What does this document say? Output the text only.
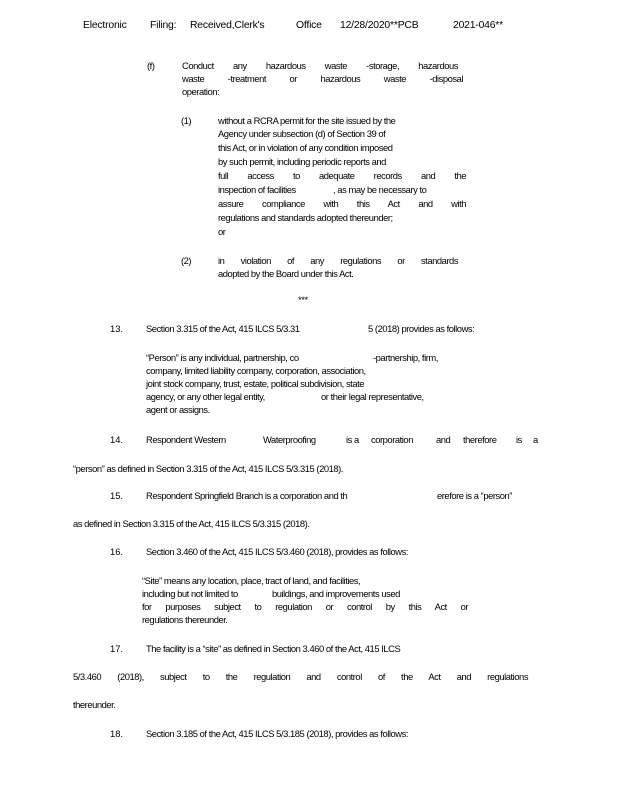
Electronic Filing: Received,Clerk's	Office 12/28/2020**PCB	2021-046**
(f)	Conduct any hazardous waste -storage, hazardous
waste	-treatment	or	hazardous	waste	-disposal
operation:
(1)	without a RCRA permit for the site issued by the
Agency under subsection (d) of Section 39 of
this Act, or in violation of any condition imposed
by such permit, including periodic reports and
full access to adequate records and the
inspection of facilities	, as may be necessary to
assure compliance with this Act and with
regulations and standards adopted thereunder;
or
(2)	in violation of any regulations or standards
adopted by the Board under this Act.
***
13. Section 3.315 of the Act, 415 ILCS 5/3.31	5 (2018) provides as follows:
“Person” is any individual, partnership, co	-partnership, firm,
company, limited liability company, corporation, association,
joint stock company, trust, estate, political subdivision, state
agency, or any other legal entity,	or their legal representative,
agent or assigns.
14. Respondent Western	Waterproofing	is a corporation and therefore is a
“person” as defined in Section 3.315 of the Act, 415 ILCS 5/3.315 (2018).
15. Respondent Springfield Branch is a corporation and th	erefore is a “person”
as defined in Section 3.315 of the Act, 415 ILCS 5/3.315 (2018).
16. Section 3.460 of the Act, 415 ILCS 5/3.460 (2018), provides as follows:
“Site” means any location, place, tract of land, and facilities,
including but not limited to	buildings, and improvements used
for purposes subject to regulation or control by this Act or
regulations thereunder.
17. The facility is a “site” as defined in Section 3.460 of the Act, 415 ILCS
5/3.460 (2018), subject to the regulation and control of the Act and regulations
thereunder.
18. Section 3.185 of the Act, 415 ILCS 5/3.185 (2018), provides as follows:
